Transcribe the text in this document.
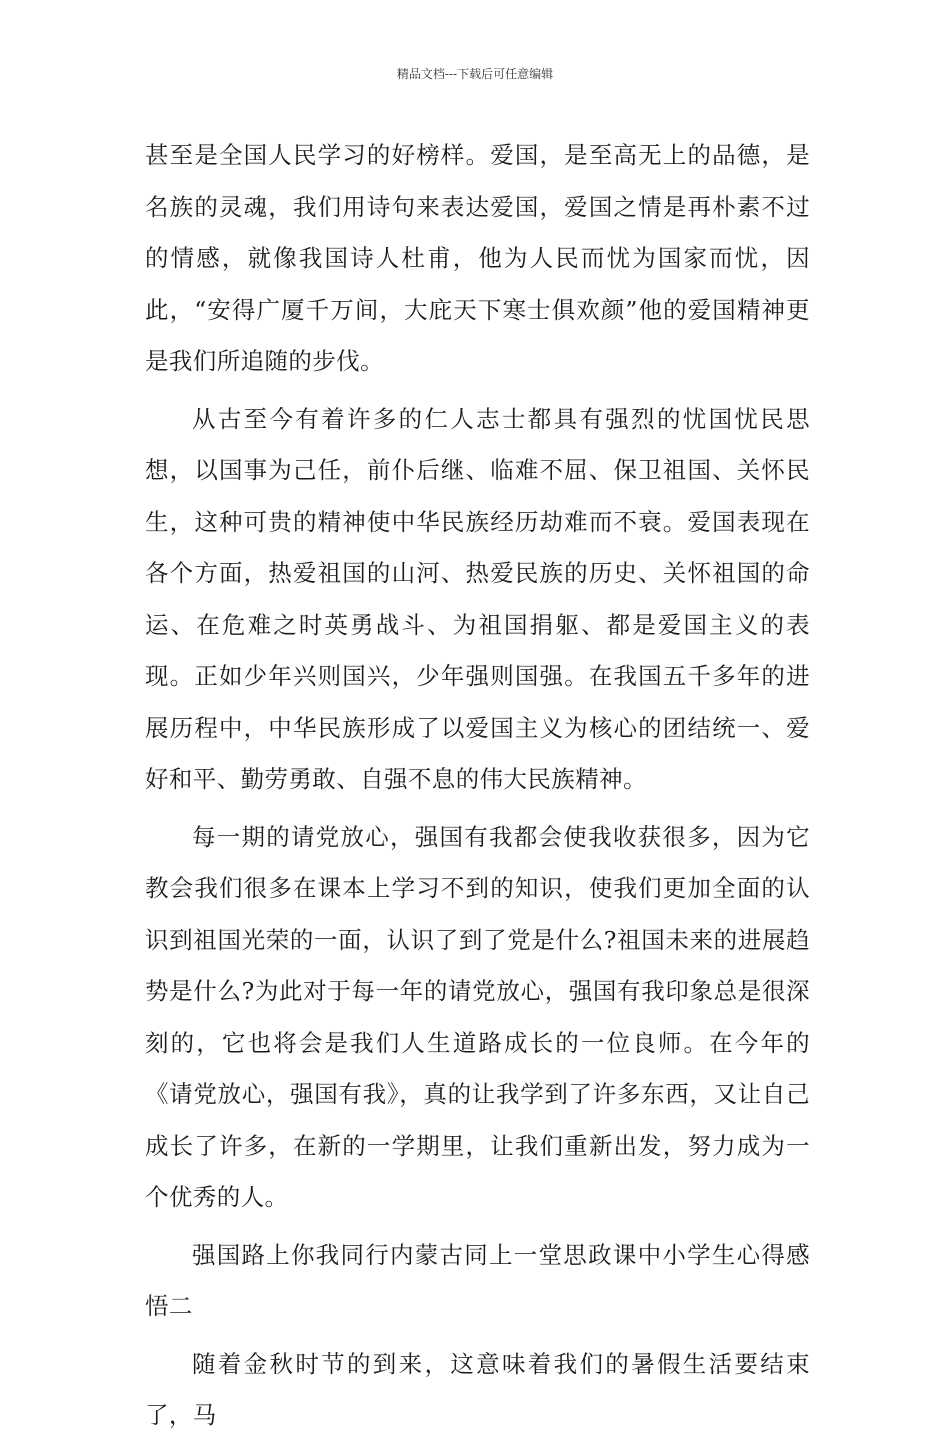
精品文档---下载后可任意编辑

甚至是全国人民学习的好榜样。爱国，是至高无上的品德，是名族的灵魂，我们用诗句来表达爱国，爱国之情是再朴素不过的情感，就像我国诗人杜甫，他为人民而忧为国家而忧，因此，“安得广厦千万间，大庇天下寒士俱欢颜”他的爱国精神更是我们所追随的步伐。

从古至今有着许多的仁人志士都具有强烈的忧国忧民思想，以国事为己任，前仆后继、临难不屈、保卫祖国、关怀民生，这种可贵的精神使中华民族经历劫难而不衰。爱国表现在各个方面，热爱祖国的山河、热爱民族的历史、关怀祖国的命运、在危难之时英勇战斗、为祖国捐躯、都是爱国主义的表现。正如少年兴则国兴，少年强则国强。在我国五千多年的进展历程中，中华民族形成了以爱国主义为核心的团结统一、爱好和平、勤劳勇敢、自强不息的伟大民族精神。

每一期的请党放心，强国有我都会使我收获很多，因为它教会我们很多在课本上学习不到的知识，使我们更加全面的认识到祖国光荣的一面，认识了到了党是什么?祖国未来的进展趋势是什么?为此对于每一年的请党放心，强国有我印象总是很深刻的，它也将会是我们人生道路成长的一位良师。在今年的《请党放心，强国有我》，真的让我学到了许多东西，又让自己成长了许多，在新的一学期里，让我们重新出发，努力成为一个优秀的人。

强国路上你我同行内蒙古同上一堂思政课中小学生心得感悟二

随着金秋时节的到来，这意味着我们的暑假生活要结束了，马
